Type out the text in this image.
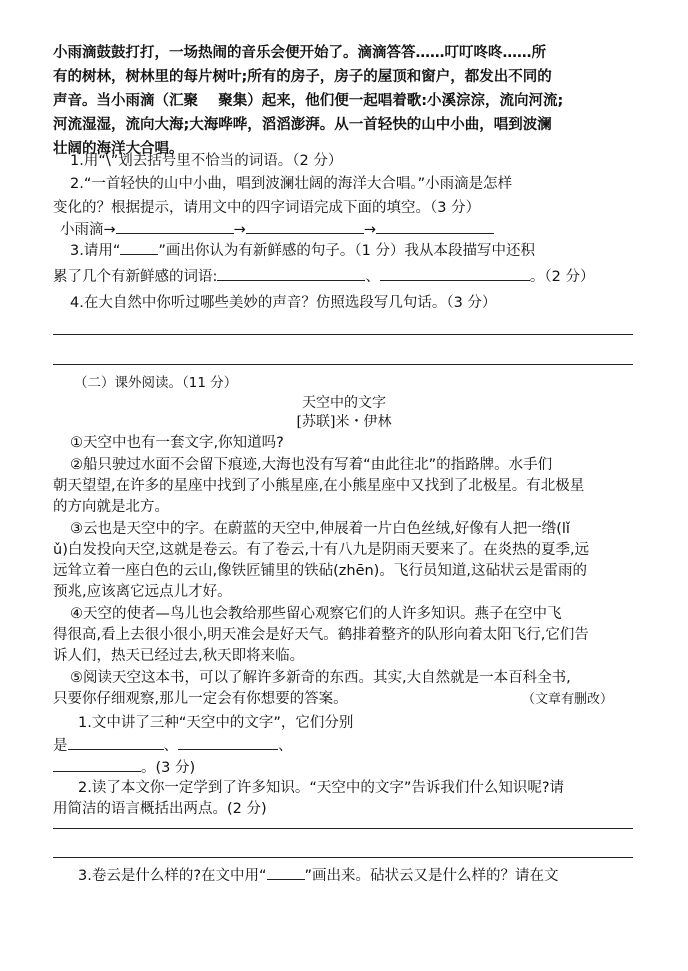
小雨滴鼓鼓打打，一场热闹的音乐会便开始了。滴滴答答……叮叮咚咚……所
有的树林，树林里的每片树叶;所有的房子，房子的屋顶和窗户，都发出不同的
声音。当小雨滴（汇聚    聚集）起来，他们便一起唱着歌:小溪淙淙，流向河流;
河流湿湿，流向大海;大海哗哗，滔滔澎湃。从一首轻快的山中小曲，唱到波澜
壮阔的海洋大合唱。
1.用“\”划去括号里不恰当的词语。（2 分）
2.“一首轻快的山中小曲，唱到波澜壮阔的海洋大合唱。”小雨滴是怎样
变化的？根据提示，请用文中的四字词语完成下面的填空。（3 分）
小雨滴→	→	→
3.请用“	”画出你认为有新鲜感的句子。（1 分）我从本段描写中还积
累了几个有新鲜感的词语:	、	。（2 分）
4.在大自然中你听过哪些美妙的声音？仿照选段写几句话。（3 分）
（二）课外阅读。（11 分）
天空中的文字
[苏联]米・伊林
①天空中也有一套文字,你知道吗?
②船只驶过水面不会留下痕迹,大海也没有写着“由此往北”的指路牌。水手们
朝天望望,在许多的星座中找到了小熊星座,在小熊星座中又找到了北极星。有北极星
的方向就是北方。
③云也是天空中的字。在蔚蓝的天空中,伸展着一片白色丝绒,好像有人把一绺(lǐ
ǔ)白发投向天空,这就是卷云。有了卷云,十有八九是阴雨天要来了。在炎热的夏季,远
远耸立着一座白色的云山,像铁匠铺里的铁砧(zhēn)。飞行员知道,这砧状云是雷雨的
预兆,应该离它远点儿才好。
④天空的使者—鸟儿也会教给那些留心观察它们的人许多知识。燕子在空中飞
得很高,看上去很小很小,明天准会是好天气。鹤排着整齐的队形向着太阳飞行,它们告
诉人们，热天已经过去,秋天即将来临。
⑤阅读天空这本书，可以了解许多新奇的东西。其实,大自然就是一本百科全书,
只要你仔细观察,那儿一定会有你想要的答案。	（文章有删改）
1.文中讲了三种“天空中的文字”，它们分别
是	、	、
。(3 分)
2.读了本文你一定学到了许多知识。“天空中的文字”告诉我们什么知识呢?请
用简洁的语言概括出两点。(2 分)
3.卷云是什么样的?在文中用“	”画出来。砧状云又是什么样的？请在文
